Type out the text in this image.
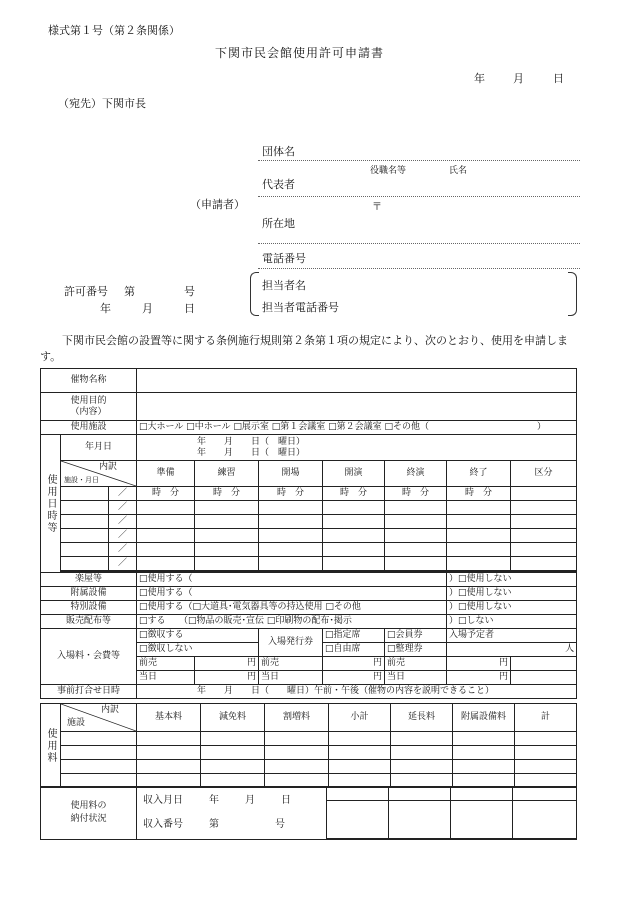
様式第１号（第２条関係）
下関市民会館使用許可申請書
年	月	日
（宛先）下関市長
（申請者）
団体名
役職名等	氏名
代表者
〒
所在地
電話番号
担当者名
担当者電話番号
許可番号 第	号
年	月	日
下関市民会館の設置等に関する条例施行規則第２条第１項の規定により、次のとおり、使用を申請します。
催物名称									
使用目的
（内容）									
使用施設			□大ホール □中ホール □展示室 □第１会議室 □第２会議室 □その他（　　　　　　　　　　　　）						
使用日時等	年月日		年　　月　　日（　曜日）
年　　月　　日（　曜日）						

	内訳
施設・月日		準備	練習	開場	開演	終演	終了	区分
		／	時　分	時　分	時　分	時　分	時　分	時　分	
		／							
		／							
		／							
		／							
		／							

楽屋等			□使用する（					）□使用しない	
附属設備			□使用する（					）□使用しない	
特別設備			□使用する（□大道具･電気器具等の持込使用 □その他					）□使用しない	
販売配布等			□する　　（□物品の販売･宣伝 □印刷物の配布･掲示					）□しない	
入場料・会費等			□徴収する		入場発行券	□指定席	□会員券	入場予定者	
			□徴収しない			□自由席	□整理券	人	
			前売	円	前売	円	前売	円	
			当日	円	当日	円	当日	円	
事前打合せ日時			年　　月　　日（　　曜日）午前・午後（催物の内容を説明できること）						
使用料	内訳
施設	基本料	減免料	割増料	小計	延長料	附属設備料	計

使用料の
納付状況	収入月日 年 月 日
収入番号 第 号				
